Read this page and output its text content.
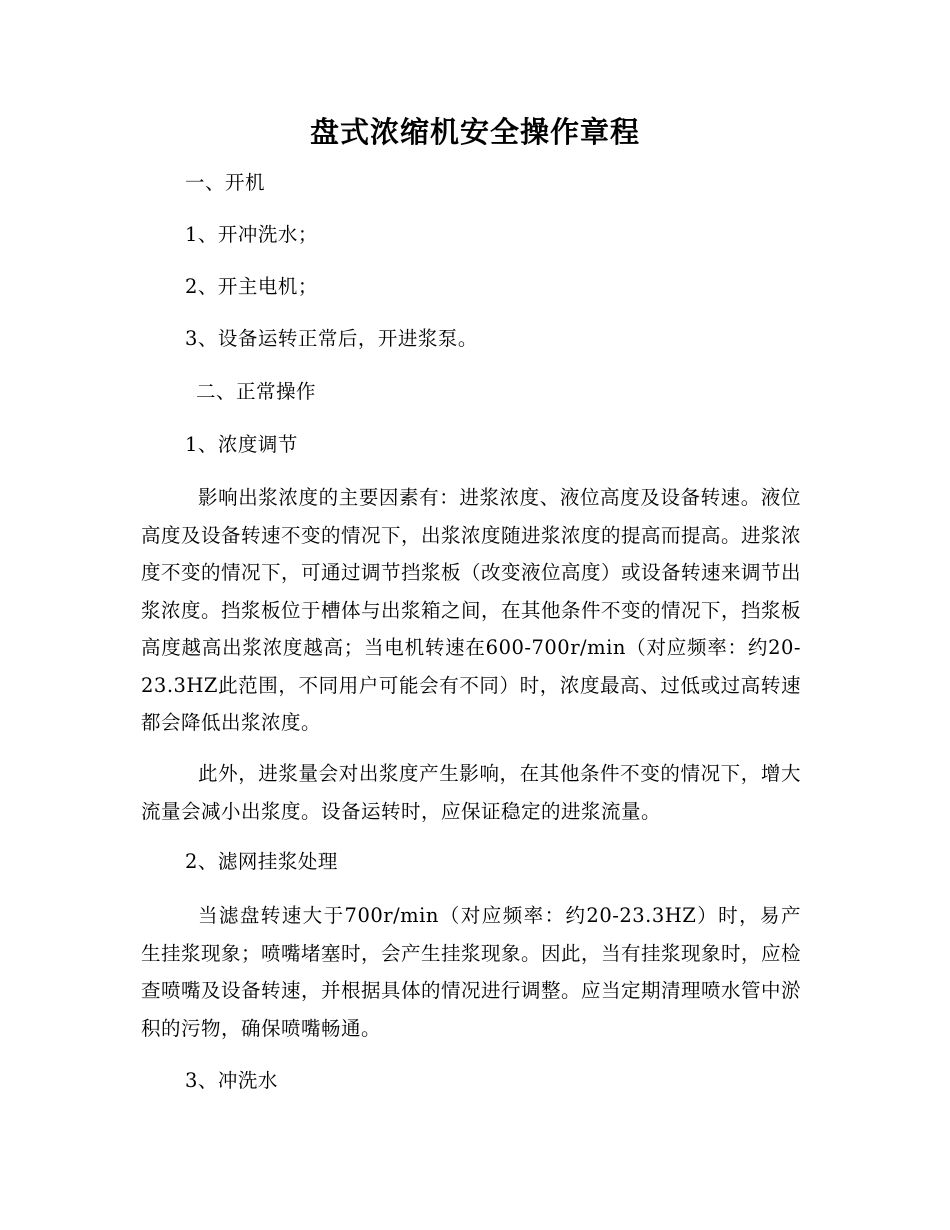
盘式浓缩机安全操作章程
一、开机
1、开冲洗水；
2、开主电机；
3、设备运转正常后，开进浆泵。
二、正常操作
1、浓度调节
影响出浆浓度的主要因素有：进浆浓度、液位高度及设备转速。液位高度及设备转速不变的情况下，出浆浓度随进浆浓度的提高而提高。进浆浓度不变的情况下，可通过调节挡浆板（改变液位高度）或设备转速来调节出浆浓度。挡浆板位于槽体与出浆箱之间，在其他条件不变的情况下，挡浆板高度越高出浆浓度越高；当电机转速在600-700r/min（对应频率：约20-23.3HZ此范围，不同用户可能会有不同）时，浓度最高、过低或过高转速都会降低出浆浓度。
此外，进浆量会对出浆度产生影响，在其他条件不变的情况下，增大流量会减小出浆度。设备运转时，应保证稳定的进浆流量。
2、滤网挂浆处理
当滤盘转速大于700r/min（对应频率：约20-23.3HZ）时，易产生挂浆现象；喷嘴堵塞时，会产生挂浆现象。因此，当有挂浆现象时，应检查喷嘴及设备转速，并根据具体的情况进行调整。应当定期清理喷水管中淤积的污物，确保喷嘴畅通。
3、冲洗水
